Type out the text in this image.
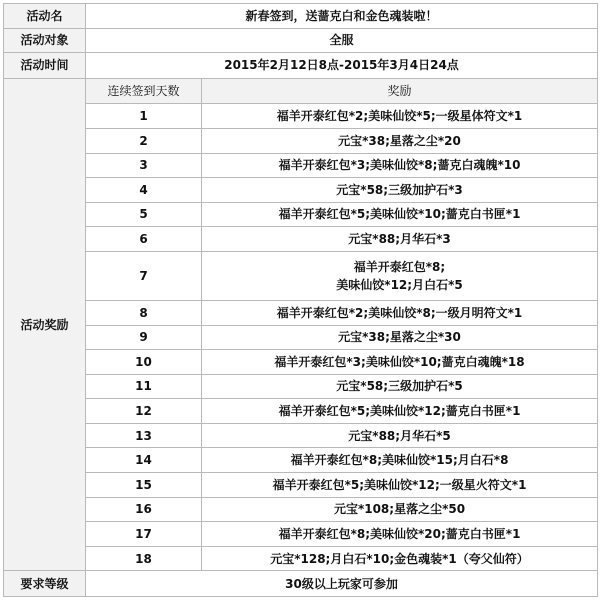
活动名	新春签到，送蔷克白和金色魂装啦！	
活动对象	全服	
活动时间	2015年2月12日8点-2015年3月4日24点	
活动奖励	连续签到天数	奖励
	1	福羊开泰红包*2;美味仙饺*5;一级星体符文*1

	2	元宝*38;星落之尘*20

	3	福羊开泰红包*3;美味仙饺*8;蔷克白魂魄*10

	4	元宝*58;三级加护石*3

	5	福羊开泰红包*5;美味仙饺*10;蔷克白书匣*1

	6	元宝*88;月华石*3

	7	福羊开泰红包*8;
美味仙饺*12;月白石*5

	8	福羊开泰红包*2;美味仙饺*8;一级月明符文*1

	9	元宝*38;星落之尘*30

	10	福羊开泰红包*3;美味仙饺*10;蔷克白魂魄*18

	11	元宝*58;三级加护石*5

	12	福羊开泰红包*5;美味仙饺*12;蔷克白书匣*1

	13	元宝*88;月华石*5

	14	福羊开泰红包*8;美味仙饺*15;月白石*8

	15	福羊开泰红包*5;美味仙饺*12;一级星火符文*1

	16	元宝*108;星落之尘*50

	17	福羊开泰红包*8;美味仙饺*20;蔷克白书匣*1

	18	元宝*128;月白石*10;金色魂装*1（夸父仙符）

要求等级	30级以上玩家可参加	
